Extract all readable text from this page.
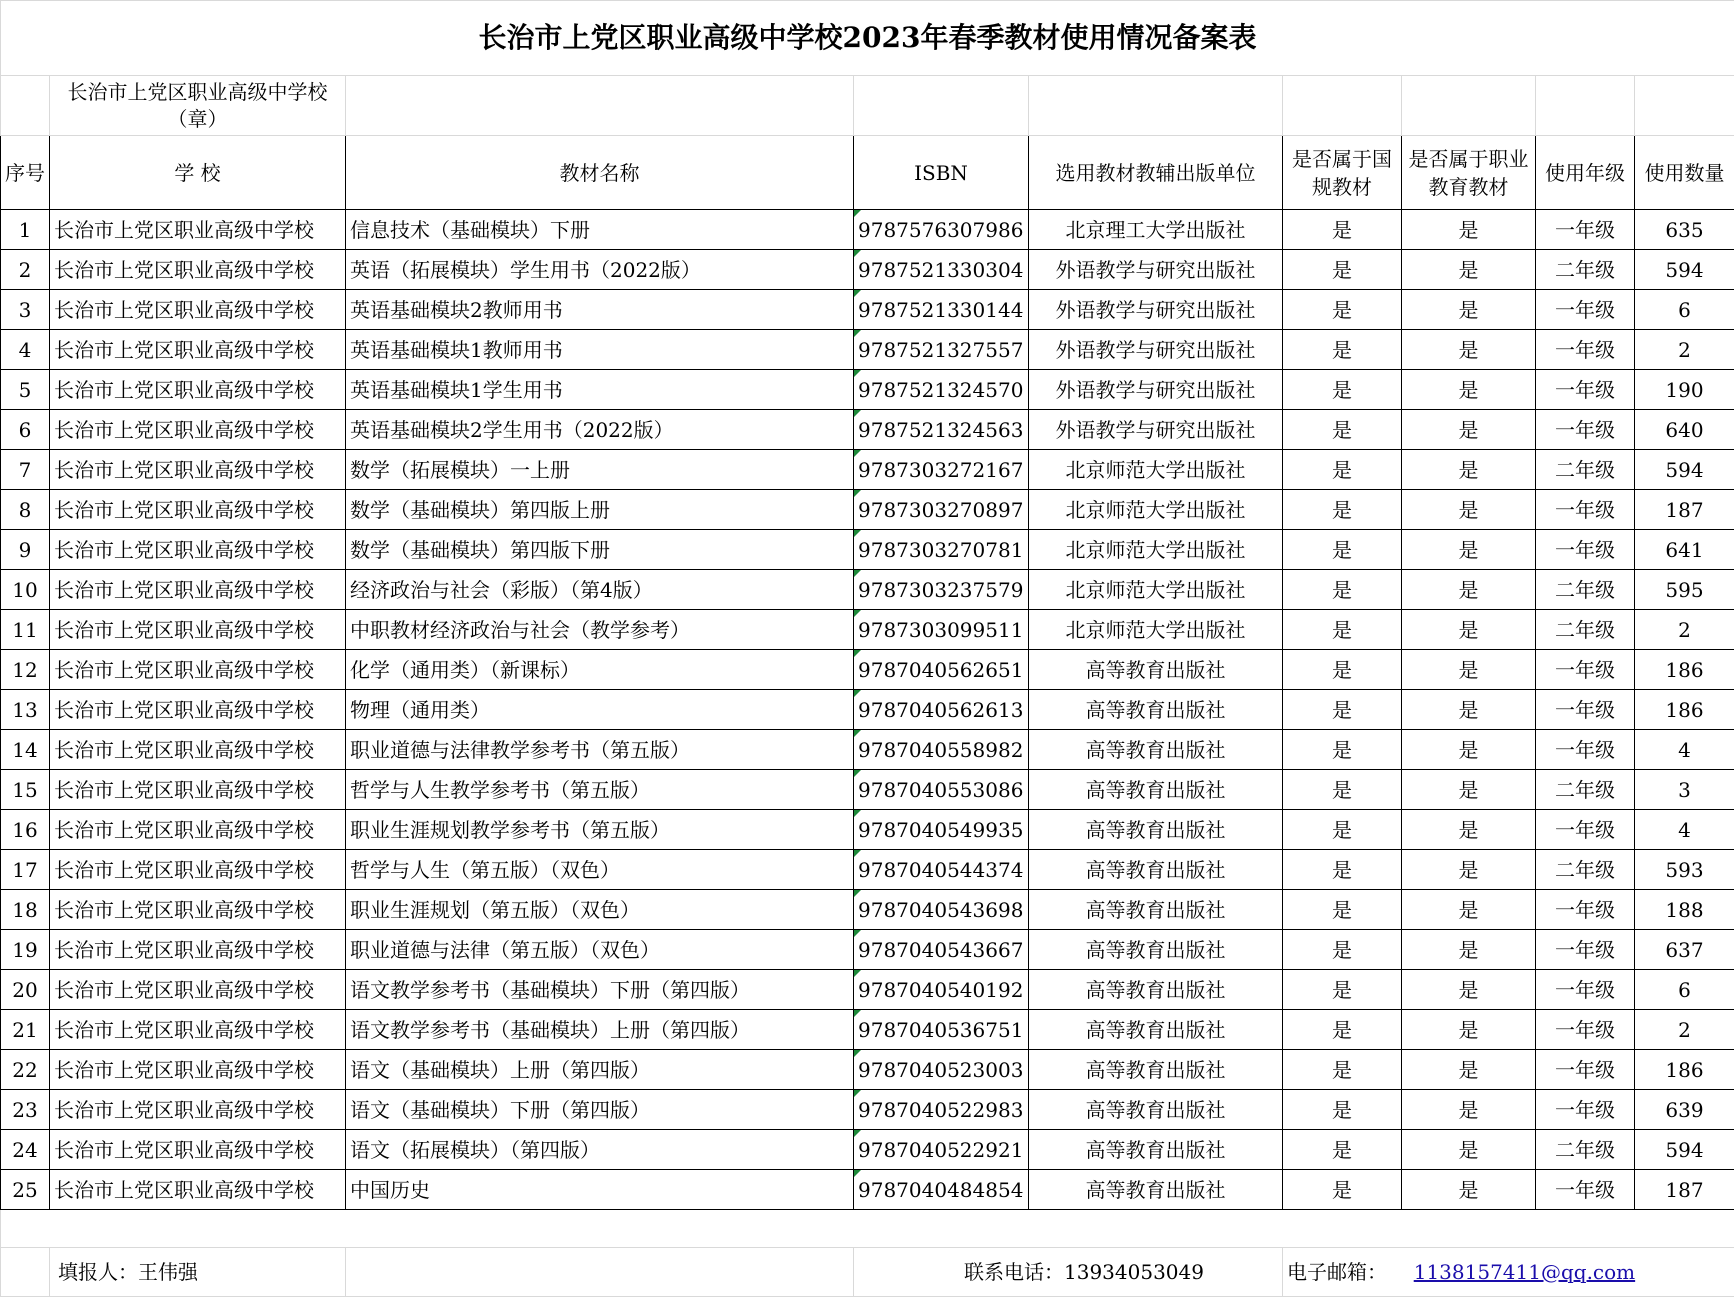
长治市上党区职业高级中学校2023年春季教材使用情况备案表								

	长治市上党区职业高级中学校
（章）							

序号	学 校	教材名称	ISBN	选用教材教辅出版单位	是否属于国规教材	是否属于职业教育教材	使用年级	使用数量
1	长治市上党区职业高级中学校	信息技术（基础模块）下册	9787576307986	北京理工大学出版社	是	是	一年级	635
2	长治市上党区职业高级中学校	英语（拓展模块）学生用书（2022版）	9787521330304	外语教学与研究出版社	是	是	二年级	594
3	长治市上党区职业高级中学校	英语基础模块2教师用书	9787521330144	外语教学与研究出版社	是	是	一年级	6
4	长治市上党区职业高级中学校	英语基础模块1教师用书	9787521327557	外语教学与研究出版社	是	是	一年级	2
5	长治市上党区职业高级中学校	英语基础模块1学生用书	9787521324570	外语教学与研究出版社	是	是	一年级	190
6	长治市上党区职业高级中学校	英语基础模块2学生用书（2022版）	9787521324563	外语教学与研究出版社	是	是	一年级	640
7	长治市上党区职业高级中学校	数学（拓展模块）一上册	9787303272167	北京师范大学出版社	是	是	二年级	594
8	长治市上党区职业高级中学校	数学（基础模块）第四版上册	9787303270897	北京师范大学出版社	是	是	一年级	187
9	长治市上党区职业高级中学校	数学（基础模块）第四版下册	9787303270781	北京师范大学出版社	是	是	一年级	641
10	长治市上党区职业高级中学校	经济政治与社会（彩版）（第4版）	9787303237579	北京师范大学出版社	是	是	二年级	595
11	长治市上党区职业高级中学校	中职教材经济政治与社会（教学参考）	9787303099511	北京师范大学出版社	是	是	二年级	2
12	长治市上党区职业高级中学校	化学（通用类）（新课标）	9787040562651	高等教育出版社	是	是	一年级	186
13	长治市上党区职业高级中学校	物理（通用类）	9787040562613	高等教育出版社	是	是	一年级	186
14	长治市上党区职业高级中学校	职业道德与法律教学参考书（第五版）	9787040558982	高等教育出版社	是	是	一年级	4
15	长治市上党区职业高级中学校	哲学与人生教学参考书（第五版）	9787040553086	高等教育出版社	是	是	二年级	3
16	长治市上党区职业高级中学校	职业生涯规划教学参考书（第五版）	9787040549935	高等教育出版社	是	是	一年级	4
17	长治市上党区职业高级中学校	哲学与人生（第五版）（双色）	9787040544374	高等教育出版社	是	是	二年级	593
18	长治市上党区职业高级中学校	职业生涯规划（第五版）（双色）	9787040543698	高等教育出版社	是	是	一年级	188
19	长治市上党区职业高级中学校	职业道德与法律（第五版）（双色）	9787040543667	高等教育出版社	是	是	一年级	637
20	长治市上党区职业高级中学校	语文教学参考书（基础模块）下册（第四版）	9787040540192	高等教育出版社	是	是	一年级	6
21	长治市上党区职业高级中学校	语文教学参考书（基础模块）上册（第四版）	9787040536751	高等教育出版社	是	是	一年级	2
22	长治市上党区职业高级中学校	语文（基础模块）上册（第四版）	9787040523003	高等教育出版社	是	是	一年级	186
23	长治市上党区职业高级中学校	语文（基础模块）下册（第四版）	9787040522983	高等教育出版社	是	是	一年级	639
24	长治市上党区职业高级中学校	语文（拓展模块）（第四版）	9787040522921	高等教育出版社	是	是	二年级	594
25	长治市上党区职业高级中学校	中国历史	9787040484854	高等教育出版社	是	是	一年级	187

	填报人：王伟强		联系电话：13934053049		电子邮箱： 1138157411@qq.com			
